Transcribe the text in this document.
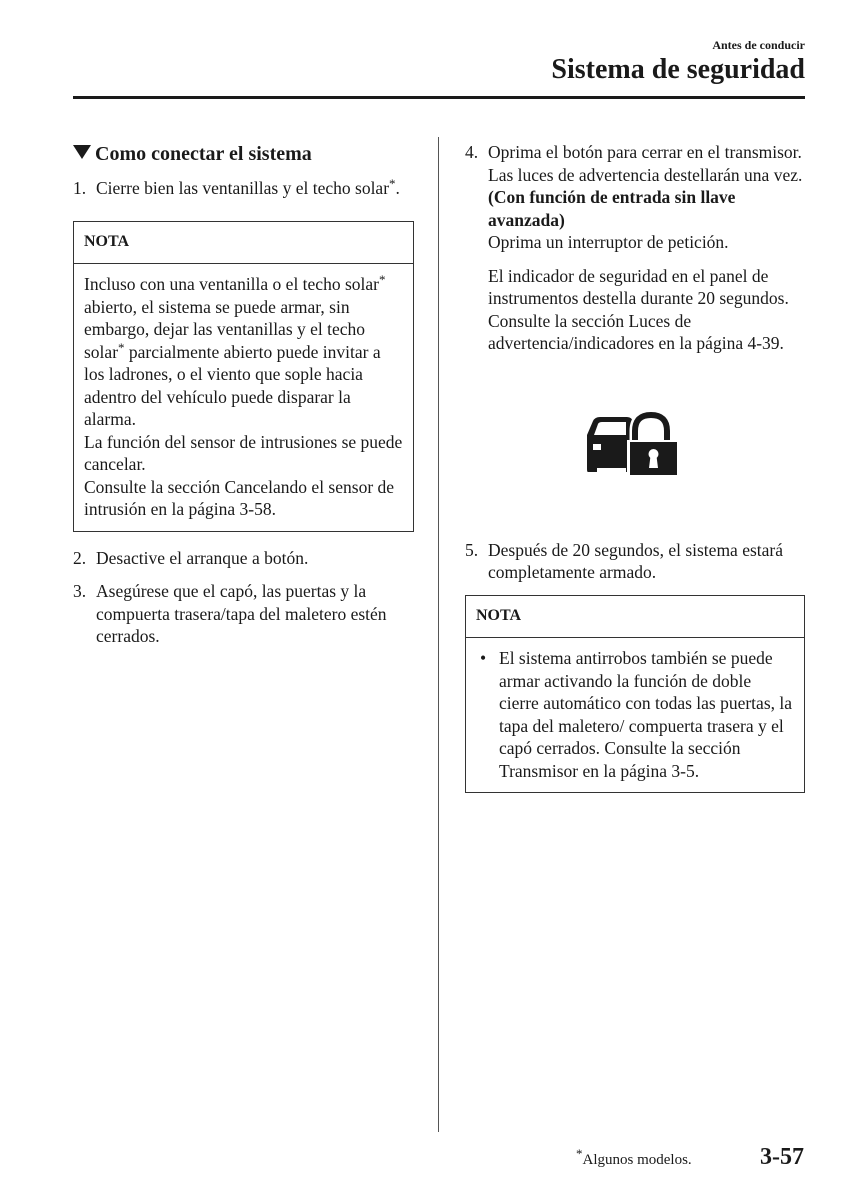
Antes de conducir
Sistema de seguridad
Como conectar el sistema
1. Cierre bien las ventanillas y el techo solar*.
NOTA

Incluso con una ventanilla o el techo solar* abierto, el sistema se puede armar, sin embargo, dejar las ventanillas y el techo solar* parcialmente abierto puede invitar a los ladrones, o el viento que sople hacia adentro del vehículo puede disparar la alarma.

La función del sensor de intrusiones se puede cancelar.

Consulte la sección Cancelando el sensor de intrusión en la página 3-58.

2. Desactive el arranque a botón.
3. Asegúrese que el capó, las puertas y la compuerta trasera/tapa del maletero estén cerrados.
4. Oprima el botón para cerrar en el transmisor.

Las luces de advertencia destellarán una vez.

(Con función de entrada sin llave avanzada)

Oprima un interruptor de petición.

El indicador de seguridad en el panel de instrumentos destella durante 20 segundos.

Consulte la sección Luces de advertencia/indicadores en la página 4-39.

5. Después de 20 segundos, el sistema estará completamente armado.
NOTA
• El sistema antirrobos también se puede armar activando la función de doble cierre automático con todas las puertas, la tapa del maletero/ compuerta trasera y el capó cerrados. Consulte la sección Transmisor en la página 3-5.
*Algunos modelos.	3-57
